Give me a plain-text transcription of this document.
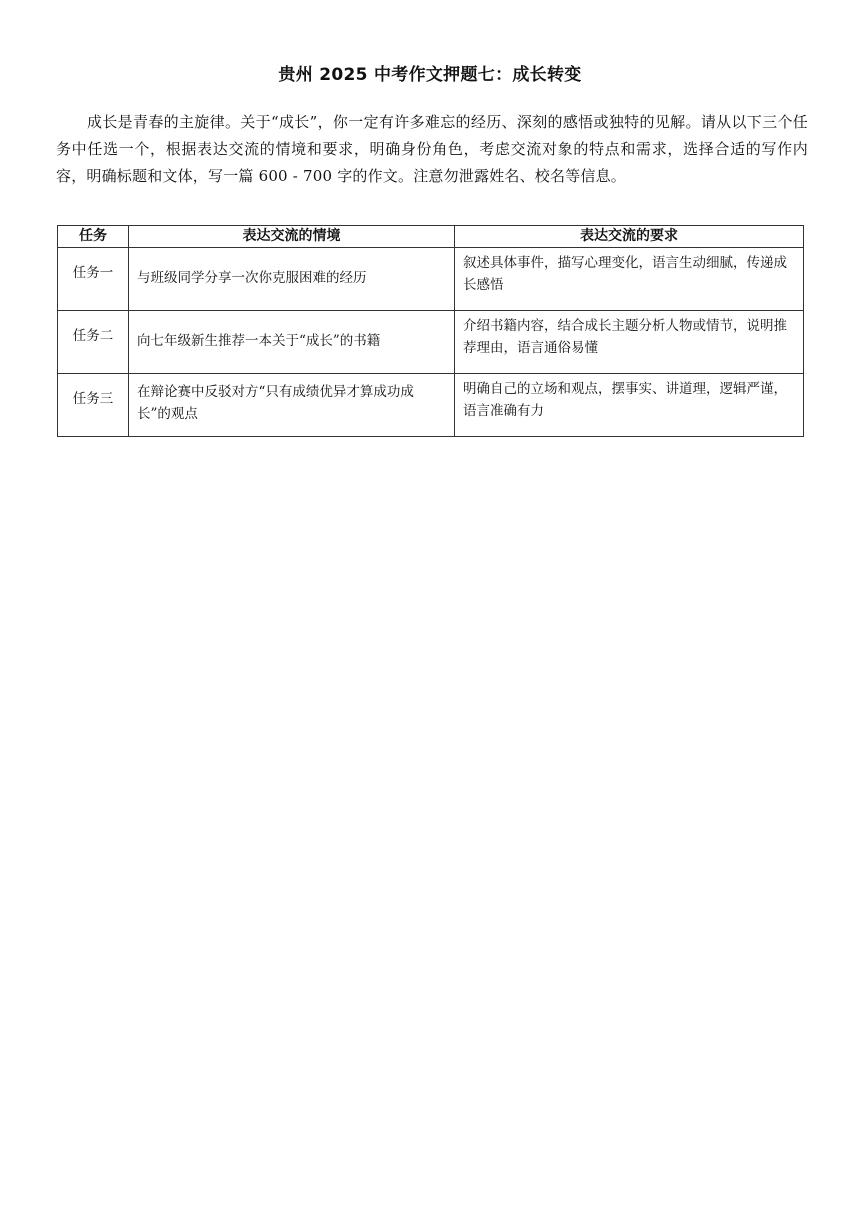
贵州 2025 中考作文押题七：成长转变

成长是青春的主旋律。关于“成长”，你一定有许多难忘的经历、深刻的感悟或独特的见解。请从以下三个任务中任选一个，根据表达交流的情境和要求，明确身份角色，考虑交流对象的特点和需求，选择合适的写作内容，明确标题和文体，写一篇 600 - 700 字的作文。注意勿泄露姓名、校名等信息。

任务	表达交流的情境	表达交流的要求
任务一	与班级同学分享一次你克服困难的经历	叙述具体事件，描写心理变化，语言生动细腻，传递成长感悟
任务二	向七年级新生推荐一本关于“成长”的书籍	介绍书籍内容，结合成长主题分析人物或情节，说明推荐理由，语言通俗易懂
任务三	在辩论赛中反驳对方“只有成绩优异才算成功成长”的观点	明确自己的立场和观点，摆事实、讲道理，逻辑严谨，语言准确有力
